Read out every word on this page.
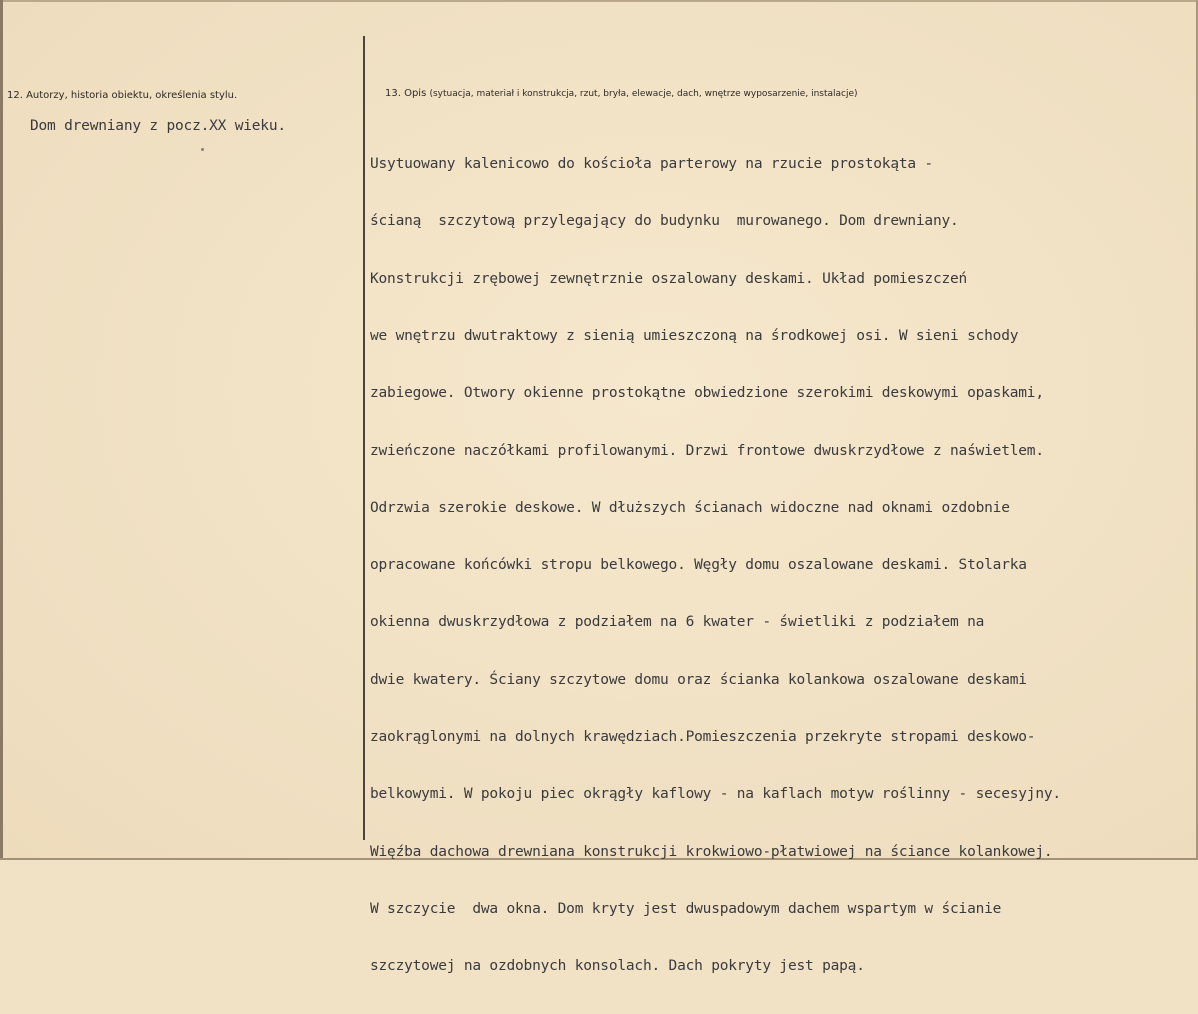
12. Autorzy, historia obiektu, określenia stylu.	13. Opis (sytuacja, materiał i konstrukcja, rzut, bryła, elewacje, dach, wnętrze wyposarzenie, instalacje)
Dom drewniany z pocz.XX wieku.

Usytuowany kalenicowo do kościoła parterowy na rzucie prostokąta -

ścianą  szczytową przylegający do budynku  murowanego. Dom drewniany.

Konstrukcji zrębowej zewnętrznie oszalowany deskami. Układ pomieszczeń

we wnętrzu dwutraktowy z sienią umieszczoną na środkowej osi. W sieni schody

zabiegowe. Otwory okienne prostokątne obwiedzione szerokimi deskowymi opaskami,

zwieńczone naczółkami profilowanymi. Drzwi frontowe dwuskrzydłowe z naświetlem.

Odrzwia szerokie deskowe. W dłuższych ścianach widoczne nad oknami ozdobnie

opracowane końcówki stropu belkowego. Węgły domu oszalowane deskami. Stolarka

okienna dwuskrzydłowa z podziałem na 6 kwater - świetliki z podziałem na

dwie kwatery. Ściany szczytowe domu oraz ścianka kolankowa oszalowane deskami

zaokrąglonymi na dolnych krawędziach.Pomieszczenia przekryte stropami deskowo-

belkowymi. W pokoju piec okrągły kaflowy - na kaflach motyw roślinny - secesyjny.

Więźba dachowa drewniana konstrukcji krokwiowo-płatwiowej na ściance kolankowej.

W szczycie  dwa okna. Dom kryty jest dwuspadowym dachem wspartym w ścianie

szczytowej na ozdobnych konsolach. Dach pokryty jest papą.
